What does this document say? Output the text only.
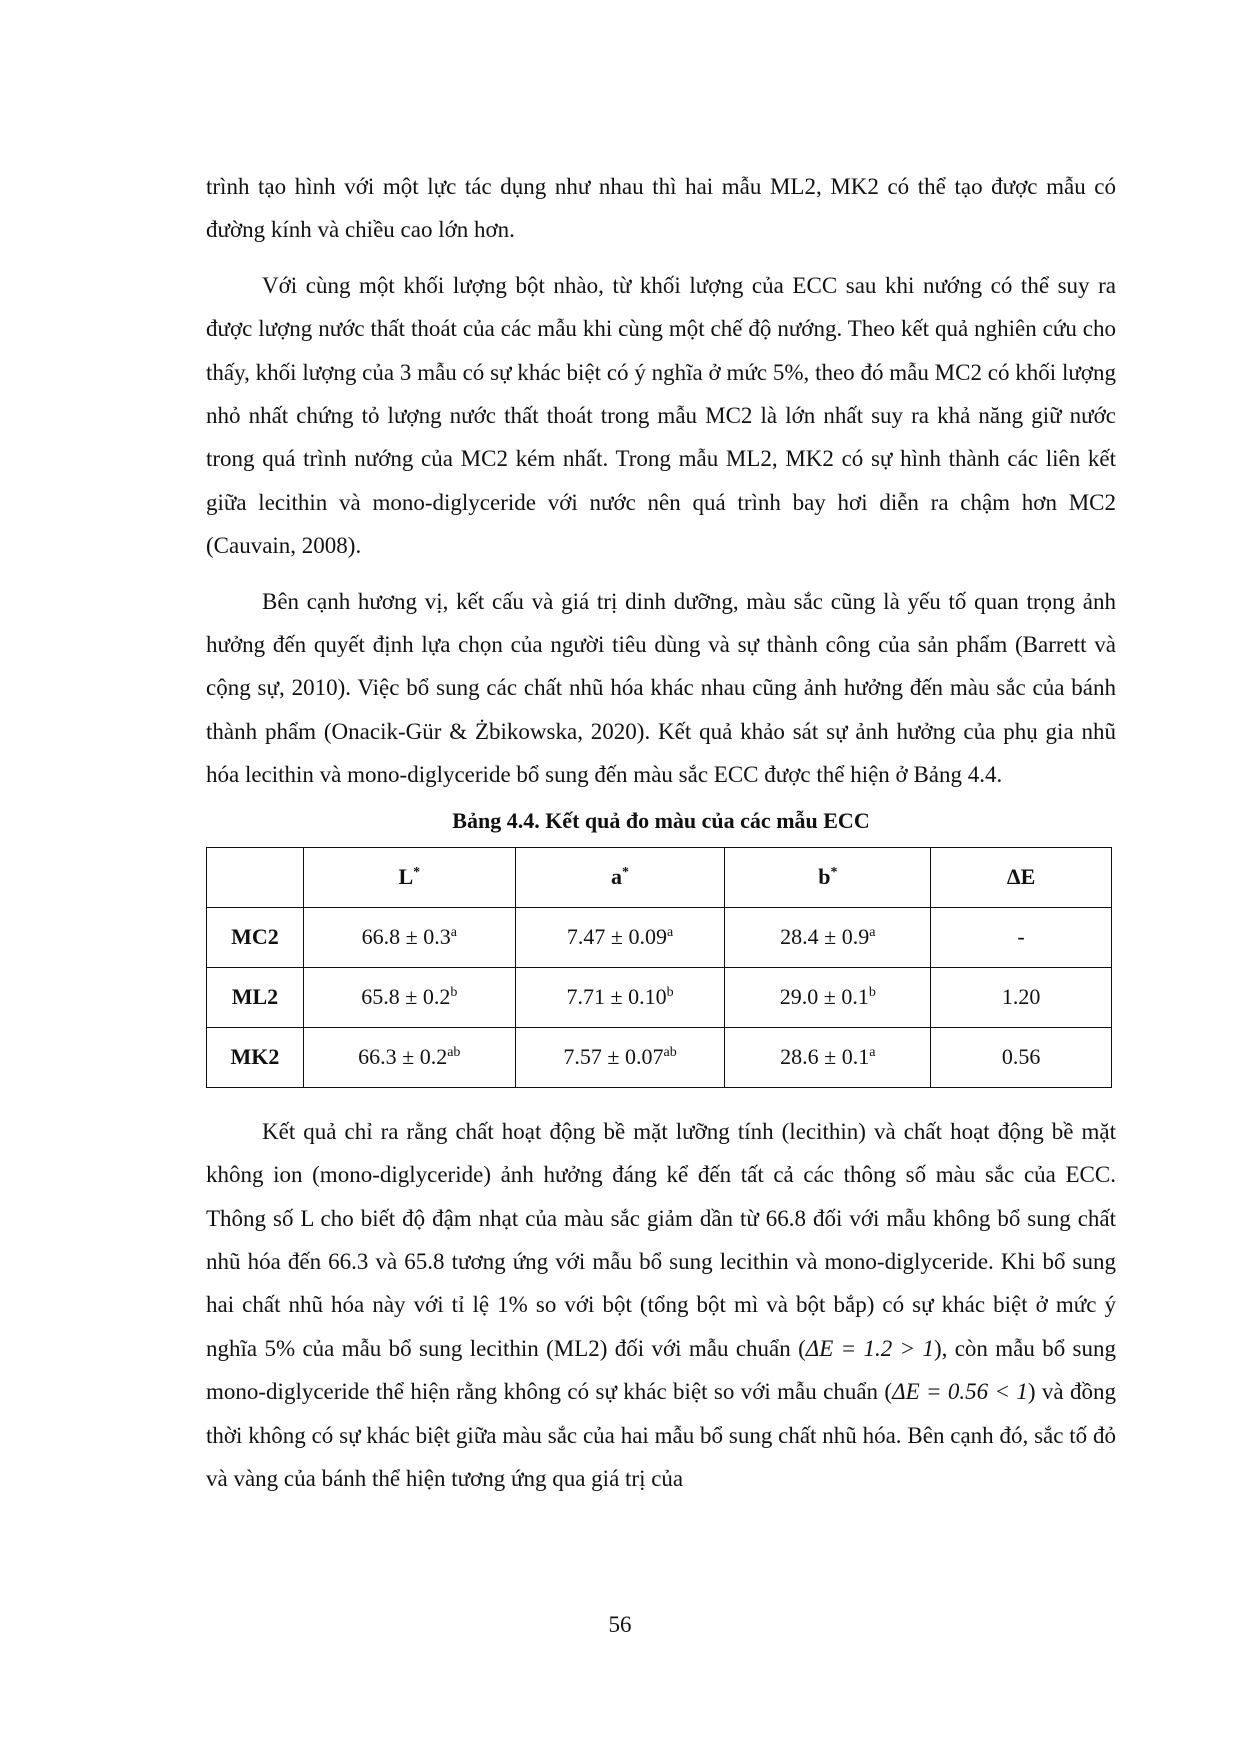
trình tạo hình với một lực tác dụng như nhau thì hai mẫu ML2, MK2 có thể tạo được mẫu có đường kính và chiều cao lớn hơn.

Với cùng một khối lượng bột nhào, từ khối lượng của ECC sau khi nướng có thể suy ra được lượng nước thất thoát của các mẫu khi cùng một chế độ nướng. Theo kết quả nghiên cứu cho thấy, khối lượng của 3 mẫu có sự khác biệt có ý nghĩa ở mức 5%, theo đó mẫu MC2 có khối lượng nhỏ nhất chứng tỏ lượng nước thất thoát trong mẫu MC2 là lớn nhất suy ra khả năng giữ nước trong quá trình nướng của MC2 kém nhất. Trong mẫu ML2, MK2 có sự hình thành các liên kết giữa lecithin và mono-diglyceride với nước nên quá trình bay hơi diễn ra chậm hơn MC2 (Cauvain, 2008).

Bên cạnh hương vị, kết cấu và giá trị dinh dưỡng, màu sắc cũng là yếu tố quan trọng ảnh hưởng đến quyết định lựa chọn của người tiêu dùng và sự thành công của sản phẩm (Barrett và cộng sự, 2010). Việc bổ sung các chất nhũ hóa khác nhau cũng ảnh hưởng đến màu sắc của bánh thành phẩm (Onacik-Gür & Żbikowska, 2020). Kết quả khảo sát sự ảnh hưởng của phụ gia nhũ hóa lecithin và mono-diglyceride bổ sung đến màu sắc ECC được thể hiện ở Bảng 4.4.

Bảng 4.4. Kết quả đo màu của các mẫu ECC
	L*	a*	b*	ΔE
MC2	66.8 ± 0.3$^a$	7.47 ± 0.09$^a$	28.4 ± 0.9$^a$	-
ML2	65.8 ± 0.2$^b$	7.71 ± 0.10$^b$	29.0 ± 0.1$^b$	1.20
MK2	66.3 ± 0.2$^{ab}$	7.57 ± 0.07$^{ab}$	28.6 ± 0.1$^a$	0.56

Kết quả chỉ ra rằng chất hoạt động bề mặt lưỡng tính (lecithin) và chất hoạt động bề mặt không ion (mono-diglyceride) ảnh hưởng đáng kể đến tất cả các thông số màu sắc của ECC. Thông số L cho biết độ đậm nhạt của màu sắc giảm dần từ 66.8 đối với mẫu không bổ sung chất nhũ hóa đến 66.3 và 65.8 tương ứng với mẫu bổ sung lecithin và mono-diglyceride. Khi bổ sung hai chất nhũ hóa này với tỉ lệ 1% so với bột (tổng bột mì và bột bắp) có sự khác biệt ở mức ý nghĩa 5% của mẫu bổ sung lecithin (ML2) đối với mẫu chuẩn (ΔE = 1.2 > 1), còn mẫu bổ sung mono-diglyceride thể hiện rằng không có sự khác biệt so với mẫu chuẩn (ΔE = 0.56 < 1) và đồng thời không có sự khác biệt giữa màu sắc của hai mẫu bổ sung chất nhũ hóa. Bên cạnh đó, sắc tố đỏ và vàng của bánh thể hiện tương ứng qua giá trị của

56
